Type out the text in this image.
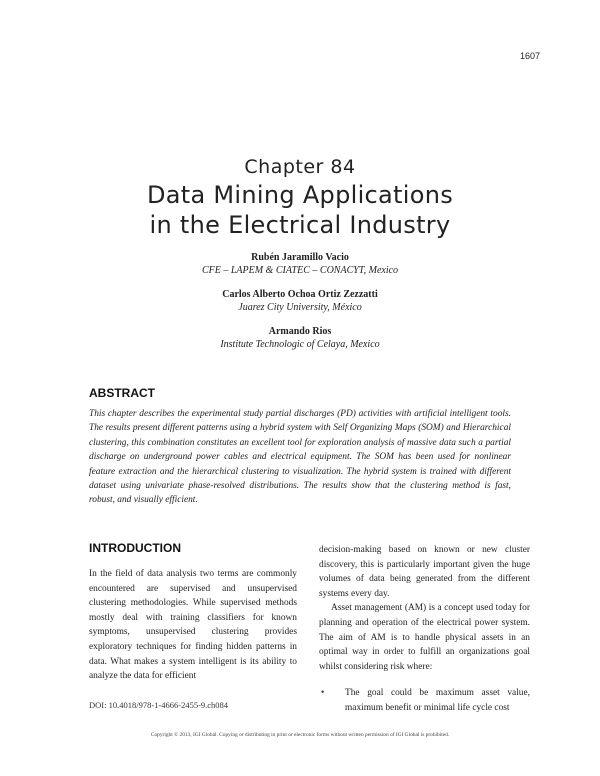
1607
Chapter 84
Data Mining Applications
in the Electrical Industry
Rubén Jaramillo Vacio
CFE – LAPEM & CIATEC – CONACYT, Mexico
Carlos Alberto Ochoa Ortiz Zezzatti
Juarez City University, México
Armando Rios
Institute Technologic of Celaya, Mexico
ABSTRACT

This chapter describes the experimental study partial discharges (PD) activities with artificial intelligent tools. The results present different patterns using a hybrid system with Self Organizing Maps (SOM) and Hierarchical clustering, this combination constitutes an excellent tool for exploration analysis of massive data such a partial discharge on underground power cables and electrical equipment. The SOM has been used for nonlinear feature extraction and the hierarchical clustering to visualization. The hybrid system is trained with different dataset using univariate phase-resolved distributions. The results show that the clustering method is fast, robust, and visually efficient.

INTRODUCTION

In the field of data analysis two terms are commonly encountered are supervised and unsupervised clustering methodologies. While supervised methods mostly deal with training classifiers for known symptoms, unsupervised clustering provides exploratory techniques for finding hidden patterns in data. What makes a system intelligent is its ability to analyze the data for efficient

decision-making based on known or new cluster discovery, this is particularly important given the huge volumes of data being generated from the different systems every day.

Asset management (AM) is a concept used today for planning and operation of the electrical power system. The aim of AM is to handle physical assets in an optimal way in order to fulfill an organizations goal whilst considering risk where:

• The goal could be maximum asset value, maximum benefit or minimal life cycle cost
DOI: 10.4018/978-1-4666-2455-9.ch084
Copyright © 2013, IGI Global. Copying or distributing in print or electronic forms without written permission of IGI Global is prohibited.
